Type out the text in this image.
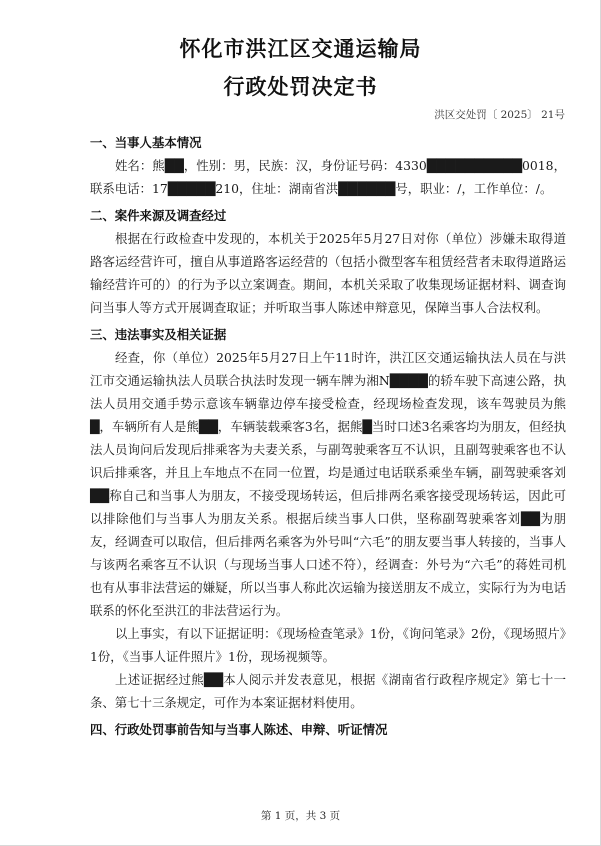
怀化市洪江区交通运输局
行政处罚决定书
洪区交处罚〔 2025〕 21号
一、当事人基本情况

姓名：熊██，性别：男，民族：汉，身份证号码：4330██████████0018，联系电话：17█████210，住址：湖南省洪██████号，职业：/，工作单位：/。

二、案件来源及调查经过

根据在行政检查中发现的，本机关于2025年5月27日对你（单位）涉嫌未取得道路客运经营许可，擅自从事道路客运经营的（包括小微型客车租赁经营者未取得道路运输经营许可的）的行为予以立案调查。期间，本机关采取了收集现场证据材料、调查询问当事人等方式开展调查取证；并听取当事人陈述申辩意见，保障当事人合法权利。

三、违法事实及相关证据

经查，你（单位）2025年5月27日上午11时许，洪江区交通运输执法人员在与洪江市交通运输执法人员联合执法时发现一辆车牌为湘N████的轿车驶下高速公路，执法人员用交通手势示意该车辆靠边停车接受检查，经现场检查发现，该车驾驶员为熊█，车辆所有人是熊██，车辆装载乘客3名，据熊█当时口述3名乘客均为朋友，但经执法人员询问后发现后排乘客为夫妻关系，与副驾驶乘客互不认识，且副驾驶乘客也不认识后排乘客，并且上车地点不在同一位置，均是通过电话联系乘坐车辆，副驾驶乘客刘██称自己和当事人为朋友，不接受现场转运，但后排两名乘客接受现场转运，因此可以排除他们与当事人为朋友关系。根据后续当事人口供，坚称副驾驶乘客刘██为朋友，经调查可以取信，但后排两名乘客为外号叫“六毛”的朋友要当事人转接的，当事人与该两名乘客互不认识（与现场当事人口述不符），经调查：外号为“六毛”的蒋姓司机也有从事非法营运的嫌疑，所以当事人称此次运输为接送朋友不成立，实际行为为电话联系的怀化至洪江的非法营运行为。

以上事实，有以下证据证明：《现场检查笔录》1份，《询问笔录》2份，《现场照片》1份，《当事人证件照片》1份，现场视频等。

上述证据经过熊██本人阅示并发表意见，根据《湖南省行政程序规定》第七十一条、第七十三条规定，可作为本案证据材料使用。

四、行政处罚事前告知与当事人陈述、申辩、听证情况
第 1 页，共 3 页
